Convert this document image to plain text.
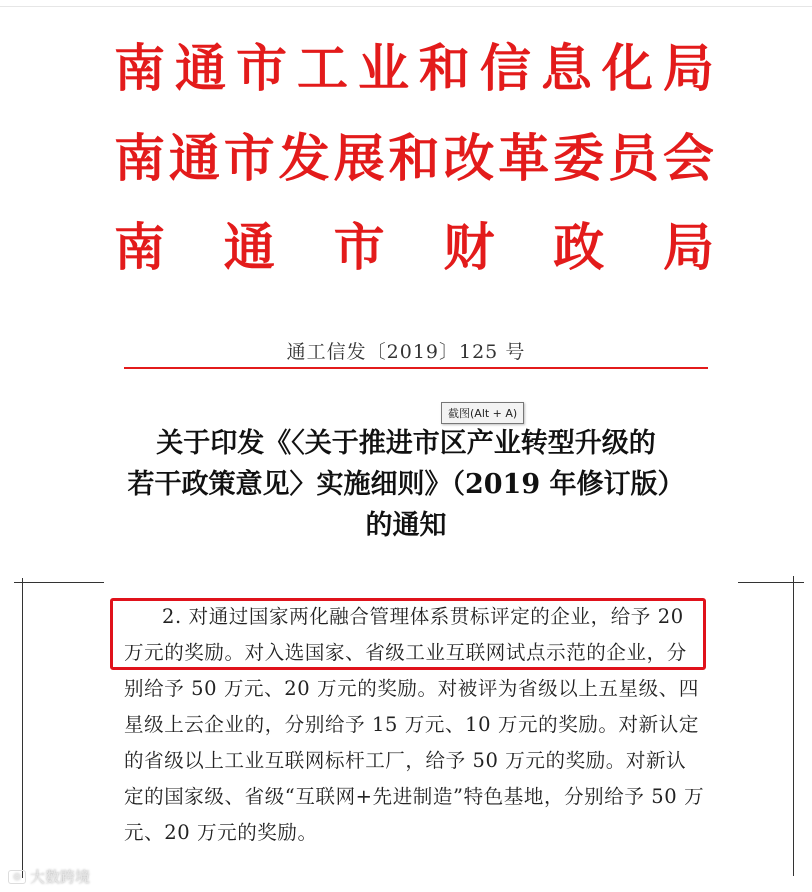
南 通 市 工 业 和 信 息 化 局
南 通 市 发 展 和 改 革 委 员 会
南 通 市 财 政 局
通工信发〔2019〕125 号
截图(Alt + A)
关于印发《〈关于推进市区产业转型升级的
若干政策意见〉实施细则》（2019 年修订版）
的通知

2. 对通过国家两化融合管理体系贯标评定的企业，给予 20

万元的奖励。对入选国家、省级工业互联网试点示范的企业，分

别给予 50 万元、20 万元的奖励。对被评为省级以上五星级、四

星级上云企业的，分别给予 15 万元、10 万元的奖励。对新认定

的省级以上工业互联网标杆工厂，给予 50 万元的奖励。对新认

定的国家级、省级“互联网+先进制造”特色基地，分别给予 50 万

元、20 万元的奖励。

◎ 大数跨境
